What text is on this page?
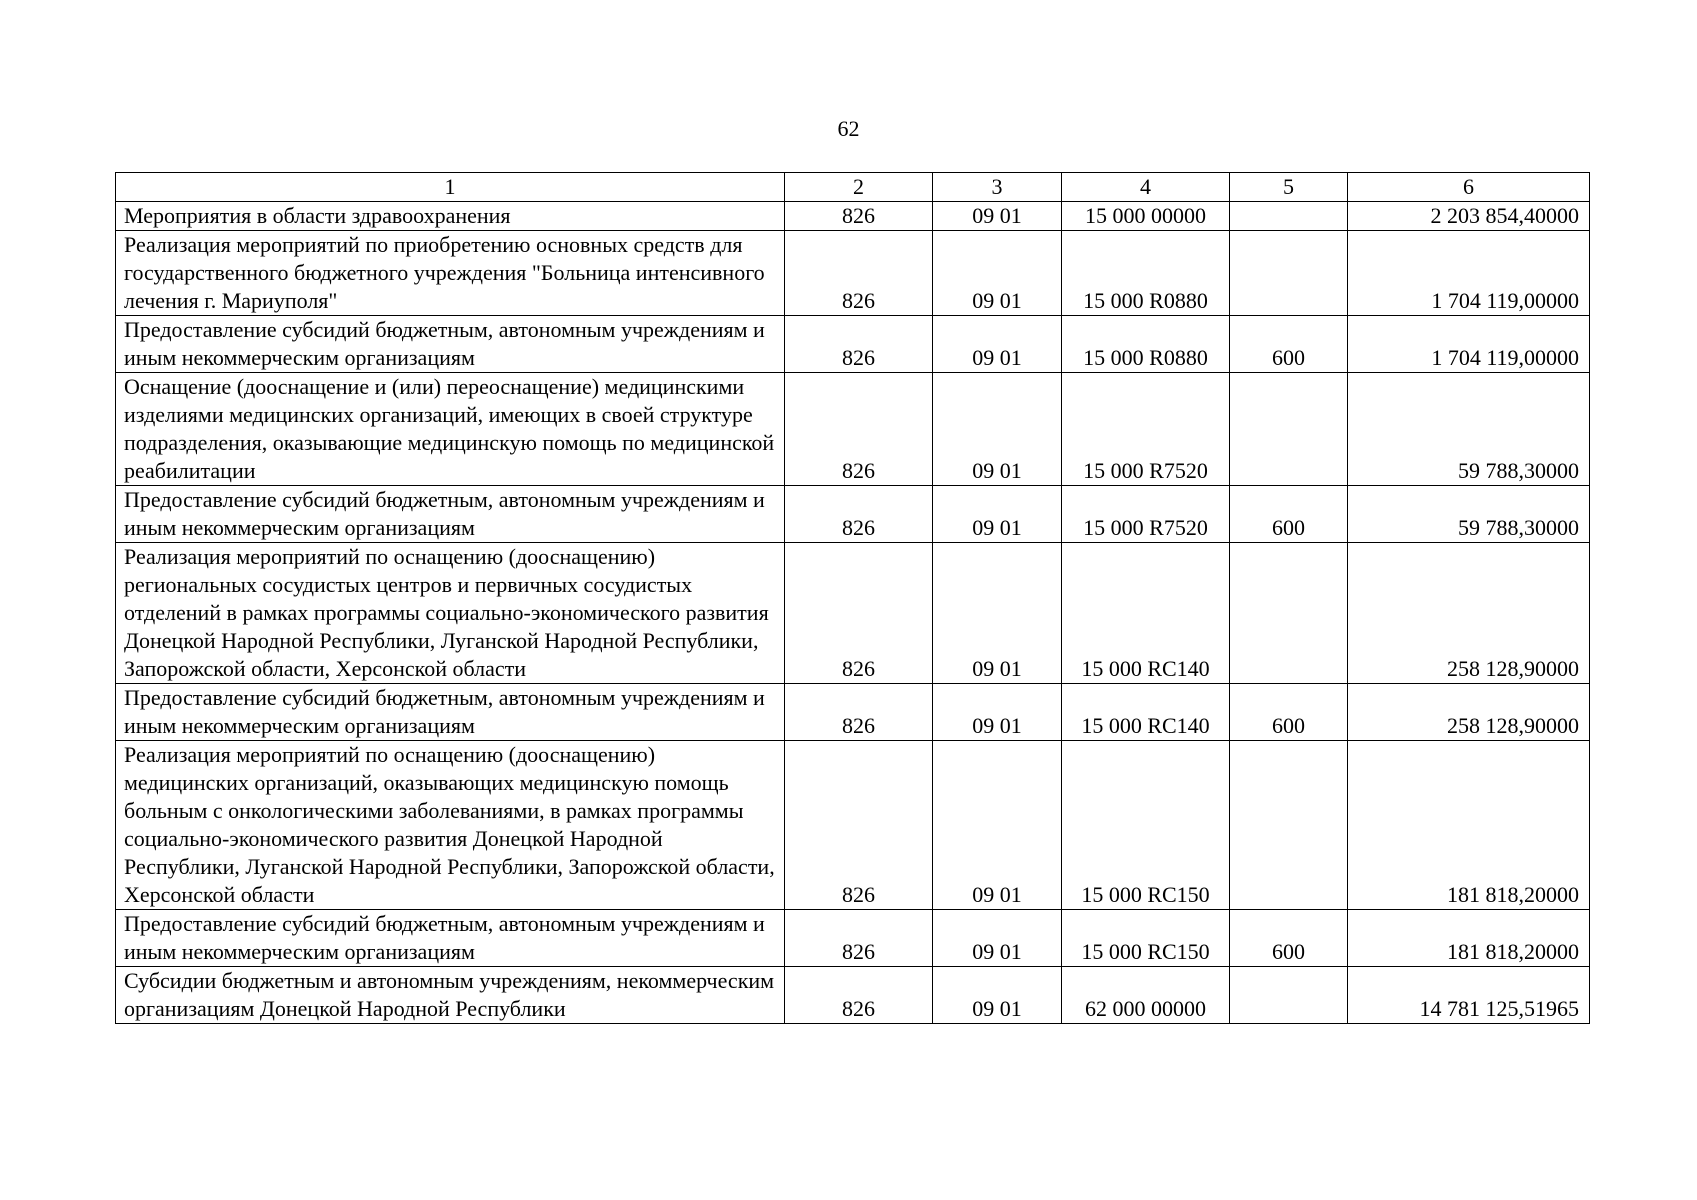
62
1	2	3	4	5	6
Мероприятия в области здравоохранения	826	09 01	15 000 00000		2 203 854,40000
Реализация мероприятий по приобретению основных средств для государственного бюджетного учреждения "Больница интенсивного лечения г. Мариуполя"	826	09 01	15 000 R0880		1 704 119,00000
Предоставление субсидий бюджетным, автономным учреждениям и иным некоммерческим организациям	826	09 01	15 000 R0880	600	1 704 119,00000
Оснащение (дооснащение и (или) переоснащение) медицинскими изделиями медицинских организаций, имеющих в своей структуре подразделения, оказывающие медицинскую помощь по медицинской реабилитации	826	09 01	15 000 R7520		59 788,30000
Предоставление субсидий бюджетным, автономным учреждениям и иным некоммерческим организациям	826	09 01	15 000 R7520	600	59 788,30000
Реализация мероприятий по оснащению (дооснащению) региональных сосудистых центров и первичных сосудистых отделений в рамках программы социально-экономического развития Донецкой Народной Республики, Луганской Народной Республики, Запорожской области, Херсонской области	826	09 01	15 000 RC140		258 128,90000
Предоставление субсидий бюджетным, автономным учреждениям и иным некоммерческим организациям	826	09 01	15 000 RC140	600	258 128,90000
Реализация мероприятий по оснащению (дооснащению) медицинских организаций, оказывающих медицинскую помощь больным с онкологическими заболеваниями, в рамках программы социально-экономического развития Донецкой Народной Республики, Луганской Народной Республики, Запорожской области, Херсонской области	826	09 01	15 000 RC150		181 818,20000
Предоставление субсидий бюджетным, автономным учреждениям и иным некоммерческим организациям	826	09 01	15 000 RC150	600	181 818,20000
Субсидии бюджетным и автономным учреждениям, некоммерческим организациям Донецкой Народной Республики	826	09 01	62 000 00000		14 781 125,51965
